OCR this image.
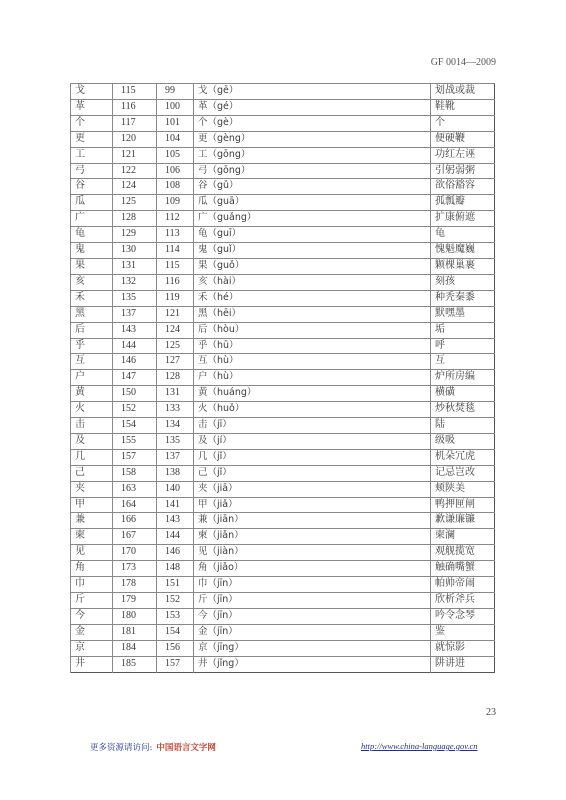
GF 0014—2009
戈	115	99	戈（gē）	划战或裁
革	116	100	革（gé）	鞋靴
个	117	101	个（gè）	个
更	120	104	更（gèng）	便硬鞭
工	121	105	工（gōng）	功红左诬
弓	122	106	弓（gōng）	引躬弱粥
谷	124	108	谷（gǔ）	欲俗豁容
瓜	125	109	瓜（guā）	孤瓢瓣
广	128	112	广（guǎng）	扩康俯遮
龟	129	113	龟（guī）	龟
鬼	130	114	鬼（guǐ）	愧魁魔巍
果	131	115	果（guǒ）	颗棵巢裹
亥	132	116	亥（hài）	刻孩
禾	135	119	禾（hé）	种秃秦黍
黑	137	121	黑（hēi）	默嘿墨
后	143	124	后（hòu）	垢
乎	144	125	乎（hū）	呼
互	146	127	互（hù）	互
户	147	128	户（hù）	炉所房编
黄	150	131	黄（huáng）	横磺
火	152	133	火（huǒ）	炒秋焚毯
击	154	134	击（jī）	陆
及	155	135	及（jí）	级吸
几	157	137	几（jǐ）	机朵冗虎
己	158	138	己（jǐ）	记忌岂改
夹	163	140	夹（jiā）	颊陕美
甲	164	141	甲（jiǎ）	鸭押匣闸
兼	166	143	兼（jiān）	歉谦廉镰
柬	167	144	柬（jiǎn）	柬澜
见	170	146	见（jiàn）	观舰揽宽
角	173	148	角（jiǎo）	触确嘴蟹
巾	178	151	巾（jīn）	帕帅帝闹
斤	179	152	斤（jīn）	欣析斧兵
今	180	153	今（jīn）	吟令念琴
金	181	154	金（jīn）	鉴
京	184	156	京（jīng）	就惊影
井	185	157	井（jǐng）	阱讲进
23
更多资源请访问: 中国语言文字网	http://www.china-language.gov.cn
